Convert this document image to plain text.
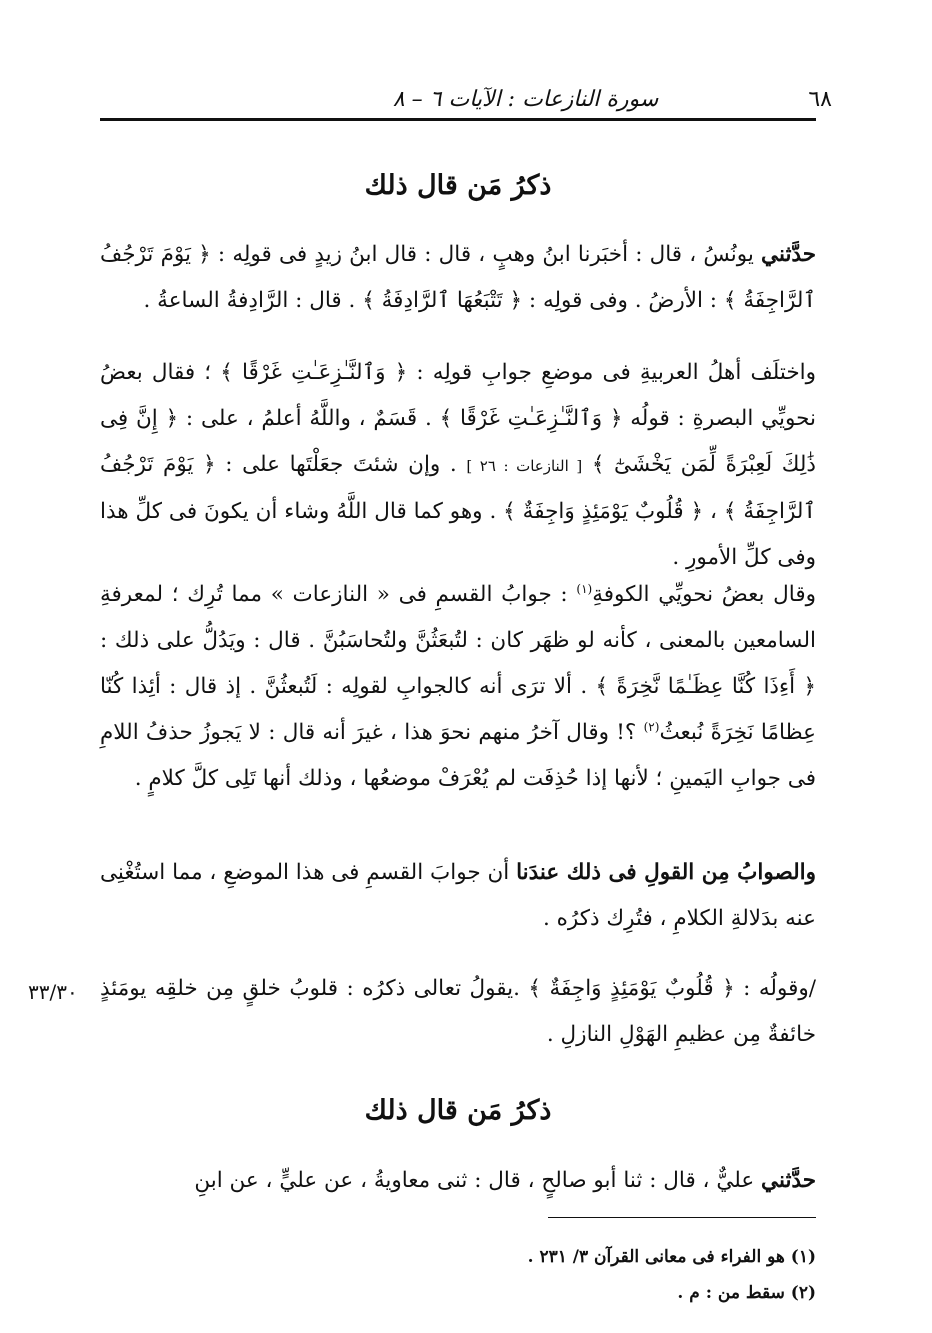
٦٨
سورة النازعات : الآيات ٦ – ٨
ذكرُ مَن قال ذلك
حدَّثني يونُسُ ، قال : أخبَرنا ابنُ وهبٍ ، قال : قال ابنُ زيدٍ فى قولِه : ﴿ يَوْمَ تَرْجُفُ ٱلرَّاجِفَةُ ﴾ : الأرضُ . وفى قولِه : ﴿ تَتْبَعُهَا ٱلرَّادِفَةُ ﴾ . قال : الرَّادِفةُ الساعةُ .
واختلَف أهلُ العربيةِ فى موضعِ جوابِ قولِه : ﴿ وَٱلنَّـٰزِعَـٰتِ غَرْقًا ﴾ ؛ فقال بعضُ نحويِّي البصرةِ : قولُه ﴿ وَٱلنَّـٰزِعَـٰتِ غَرْقًا ﴾ . قَسَمٌ ، واللَّهُ أعلمُ ، على : ﴿ إِنَّ فِى ذَٰلِكَ لَعِبْرَةً لِّمَن يَخْشَىٰٓ ﴾ [ النازعات : ٢٦ ] . وإن شئتَ جعَلْتَها على : ﴿ يَوْمَ تَرْجُفُ ٱلرَّاجِفَةُ ﴾ ، ﴿ قُلُوبٌ يَوْمَئِذٍ وَاجِفَةٌ ﴾ . وهو كما قال اللَّهُ وشاء أن يكونَ فى كلِّ هذا وفى كلِّ الأمورِ .
وقال بعضُ نحويِّي الكوفةِ$^{(١)}$ : جوابُ القسمِ فى « النازعات » مما تُرِك ؛ لمعرفةِ السامعين بالمعنى ، كأنه لو ظهَر كان : لتُبعَثُنَّ ولتُحاسَبُنَّ . قال : ويَدُلُّ على ذلك : ﴿ أَءِذَا كُنَّا عِظَـٰمًا نَّخِرَةً ﴾ . ألا ترَى أنه كالجوابِ لقولِه : لَتُبعثُنَّ . إذ قال : أئِذا كُنّا عِظامًا نَخِرَةً نُبعثُ$^{(٢)}$ ؟! وقال آخرُ منهم نحوَ هذا ، غيرَ أنه قال : لا يَجوزُ حذفُ اللامِ فى جوابِ اليَمينِ ؛ لأنها إذا حُذِفَت لم يُعْرَفْ موضعُها ، وذلك أنها تَلِى كلَّ كلامٍ .
والصوابُ مِن القولِ فى ذلك عندَنا أن جوابَ القسمِ فى هذا الموضعِ ، مما استُغْنِى عنه بدَلالةِ الكلامِ ، فتُرِك ذكرُه .
/وقولُه : ﴿ قُلُوبٌ يَوْمَئِذٍ وَاجِفَةٌ ﴾ .يقولُ تعالى ذكرُه : قلوبُ خلقٍ مِن خلقِه يومَئذٍ خائفةٌ مِن عظيمِ الهَوْلِ النازلِ .
٣٣/٣٠
ذكرُ مَن قال ذلك
حدَّثني عليٌّ ، قال : ثنا أبو صالحٍ ، قال : ثنى معاويةُ ، عن عليٍّ ، عن ابنِ
(١) هو الفراء فى معانى القرآن ٣/ ٢٣١ .
(٢) سقط من : م .
